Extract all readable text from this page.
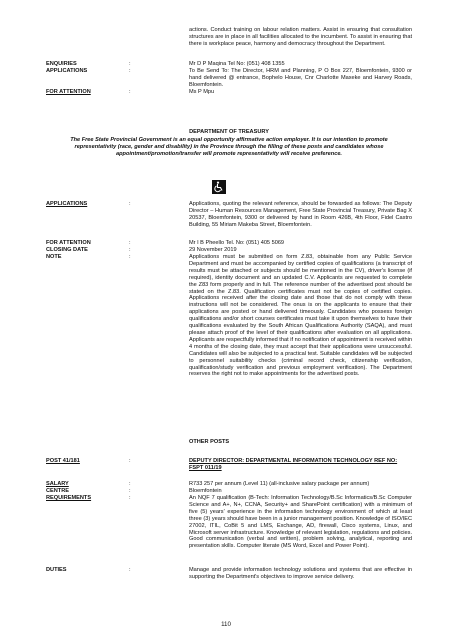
actions. Conduct training on labour relation matters. Assist in ensuring that consultation structures are in place in all facilities allocated to the incumbent. To assist in ensuring that there is workplace peace, harmony and democracy throughout the Department.
ENQUIRIES	:	Mr D P Maqina Tel No: (051) 408 1355
APPLICATIONS	:	To Be Send To: The Director, HRM and Planning, P O Box 227, Bloemfontein, 9300 or hand delivered @ entrance, Bophelo House, Cnr Charlotte Maxeke and Harvey Roads, Bloemfontein.
FOR ATTENTION	:	Ms P Mpu
DEPARTMENT OF TREASURY
The Free State Provincial Government is an equal opportunity affirmative action employer. It is our intention to promote representativity (race, gender and disability) in the Province through the filling of these posts and candidates whose appointment/promotion/transfer will promote representativity will receive preference.
APPLICATIONS	:	Applications, quoting the relevant reference, should be forwarded as follows: The Deputy Director – Human Resources Management, Free State Provincial Treasury, Private Bag X 20537, Bloemfontein, 9300 or delivered by hand in Room 426B, 4th Floor, Fidel Castro Building, 55 Miriam Makeba Street, Bloemfontein.
FOR ATTENTION	:	Mr I B Pheello Tel. No: (051) 405 5069
CLOSING DATE	:	29 November 2019
NOTE	:	Applications must be submitted on form Z.83, obtainable from any Public Service Department and must be accompanied by certified copies of qualifications (a transcript of results must be attached or subjects should be mentioned in the CV), driver's license (if required), identity document and an updated C.V. Applicants are requested to complete the Z83 form properly and in full. The reference number of the advertised post should be stated on the Z.83. Qualification certificates must not be copies of certified copies. Applications received after the closing date and those that do not comply with these instructions will not be considered. The onus is on the applicants to ensure that their applications are posted or hand delivered timeously. Candidates who possess foreign qualifications and/or short courses certificates must take it upon themselves to have their qualifications evaluated by the South African Qualifications Authority (SAQA), and must please attach proof of the level of their qualifications after evaluation on all applications. Applicants are respectfully informed that if no notification of appointment is received within 4 months of the closing date, they must accept that their applications were unsuccessful. Candidates will also be subjected to a practical test. Suitable candidates will be subjected to personnel suitability checks (criminal record check, citizenship verification, qualification/study verification and previous employment verification). The Department reserves the right not to make appointments for the advertised posts.
OTHER POSTS
POST 41/181	:	DEPUTY DIRECTOR: DEPARTMENTAL INFORMATION TECHNOLOGY REF NO: FSPT 011/19
SALARY	:	R733 257 per annum (Level 11) (all-inclusive salary package per annum)
CENTRE	:	Bloemfontein
REQUIREMENTS	:	An NQF 7 qualification (B-Tech: Information Technology/B.Sc Informatics/B.Sc Computer Science and A+, N+, CCNA, Security+ and SharePoint certification) with a minimum of five (5) years' experience in the information technology environment of which at least three (3) years should have been in a junior management position. Knowledge of ISO/IEC 27002, ITIL, CoBit 5 and LMS, Exchange, AD, firewall, Cisco systems, Linux, and Microsoft server infrastructure. Knowledge of relevant legislation, regulations and policies. Good communication (verbal and written), problem solving, analytical, reporting and presentation skills. Computer literate (MS Word, Excel and Power Point).
DUTIES	:	Manage and provide information technology solutions and systems that are effective in supporting the Department's objectives to improve service delivery.
110
